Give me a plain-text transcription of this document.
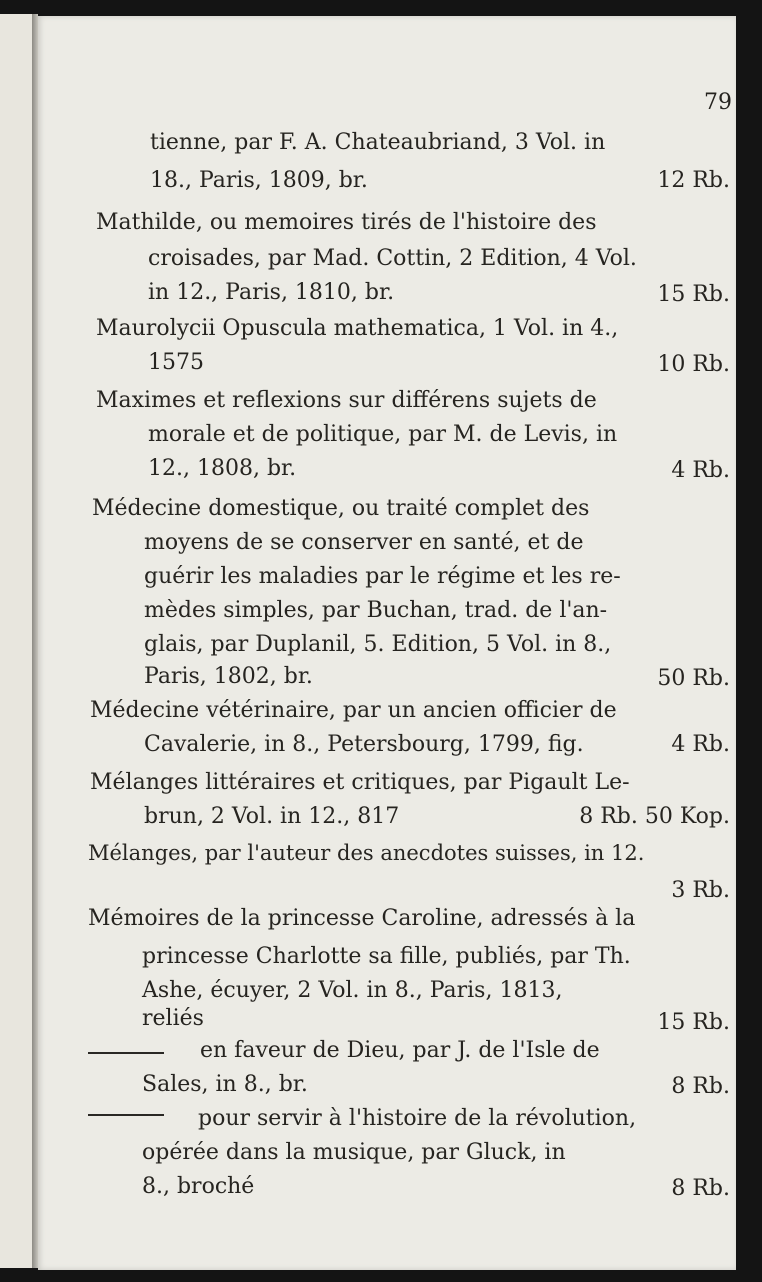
79
tienne, par F. A. Chateaubriand, 3 Vol. in
18., Paris, 1809, br.	12 Rb.
Mathilde, ou memoires tirés de l'histoire des
croisades, par Mad. Cottin, 2 Edition, 4 Vol.
in 12., Paris, 1810, br.	15 Rb.
Maurolycii Opuscula mathematica, 1 Vol. in 4.,
1575	10 Rb.
Maximes et reflexions sur différens sujets de
morale et de politique, par M. de Levis, in
12., 1808, br.	4 Rb.
Médecine domestique, ou traité complet des
moyens de se conserver en santé, et de
guérir les maladies par le régime et les re-
mèdes simples, par Buchan, trad. de l'an-
glais, par Duplanil, 5. Edition, 5 Vol. in 8.,
Paris, 1802, br.	50 Rb.
Médecine vétérinaire, par un ancien officier de
Cavalerie, in 8., Petersbourg, 1799, fig.	4 Rb.
Mélanges littéraires et critiques, par Pigault Le-
brun, 2 Vol. in 12., 817	8 Rb. 50 Kop.
Mélanges, par l'auteur des anecdotes suisses, in 12.
3 Rb.
Mémoires de la princesse Caroline, adressés à la
princesse Charlotte sa fille, publiés, par Th.
Ashe, écuyer, 2 Vol. in 8., Paris, 1813,
reliés	15 Rb.
en faveur de Dieu, par J. de l'Isle de
Sales, in 8., br.	8 Rb.
pour servir à l'histoire de la révolution,
opérée dans la musique, par Gluck, in
8., broché	8 Rb.
